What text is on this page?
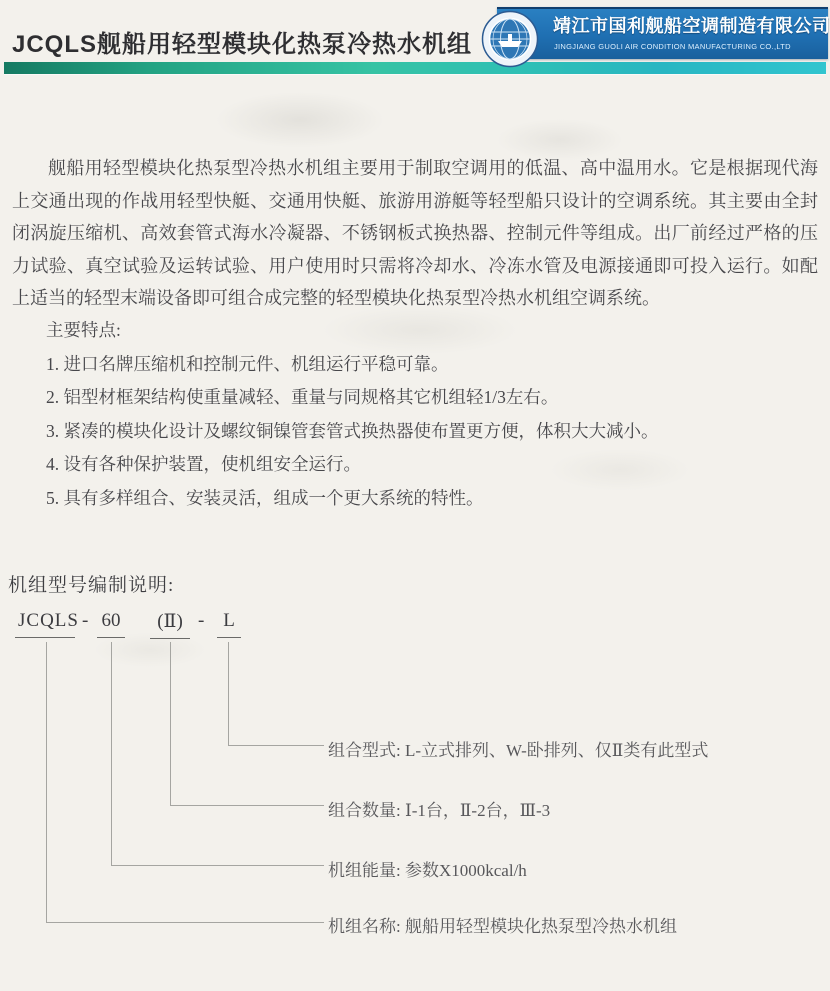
JCQLS舰船用轻型模块化热泵冷热水机组
靖江市国利舰船空调制造有限公司
JINGJIANG GUOLI AIR CONDITION MANUFACTURING CO.,LTD
舰船用轻型模块化热泵型冷热水机组主要用于制取空调用的低温、高中温用水。它是根据现代海上交通出现的作战用轻型快艇、交通用快艇、旅游用游艇等轻型船只设计的空调系统。其主要由全封闭涡旋压缩机、高效套管式海水冷凝器、不锈钢板式换热器、控制元件等组成。出厂前经过严格的压力试验、真空试验及运转试验、用户使用时只需将冷却水、冷冻水管及电源接通即可投入运行。如配上适当的轻型末端设备即可组合成完整的轻型模块化热泵型冷热水机组空调系统。
主要特点:
1. 进口名牌压缩机和控制元件、机组运行平稳可靠。
2. 铝型材框架结构使重量减轻、重量与同规格其它机组轻1/3左右。
3. 紧凑的模块化设计及螺纹铜镍管套管式换热器使布置更方便，体积大大减小。
4. 设有各种保护装置，使机组安全运行。
5. 具有多样组合、安装灵活，组成一个更大系统的特性。
机组型号编制说明:
JCQLS - 60	(Ⅱ) - L
组合型式: L-立式排列、W-卧排列、仅Ⅱ类有此型式
组合数量: Ⅰ-1台，Ⅱ-2台，Ⅲ-3
机组能量: 参数X1000kcal/h
机组名称: 舰船用轻型模块化热泵型冷热水机组
